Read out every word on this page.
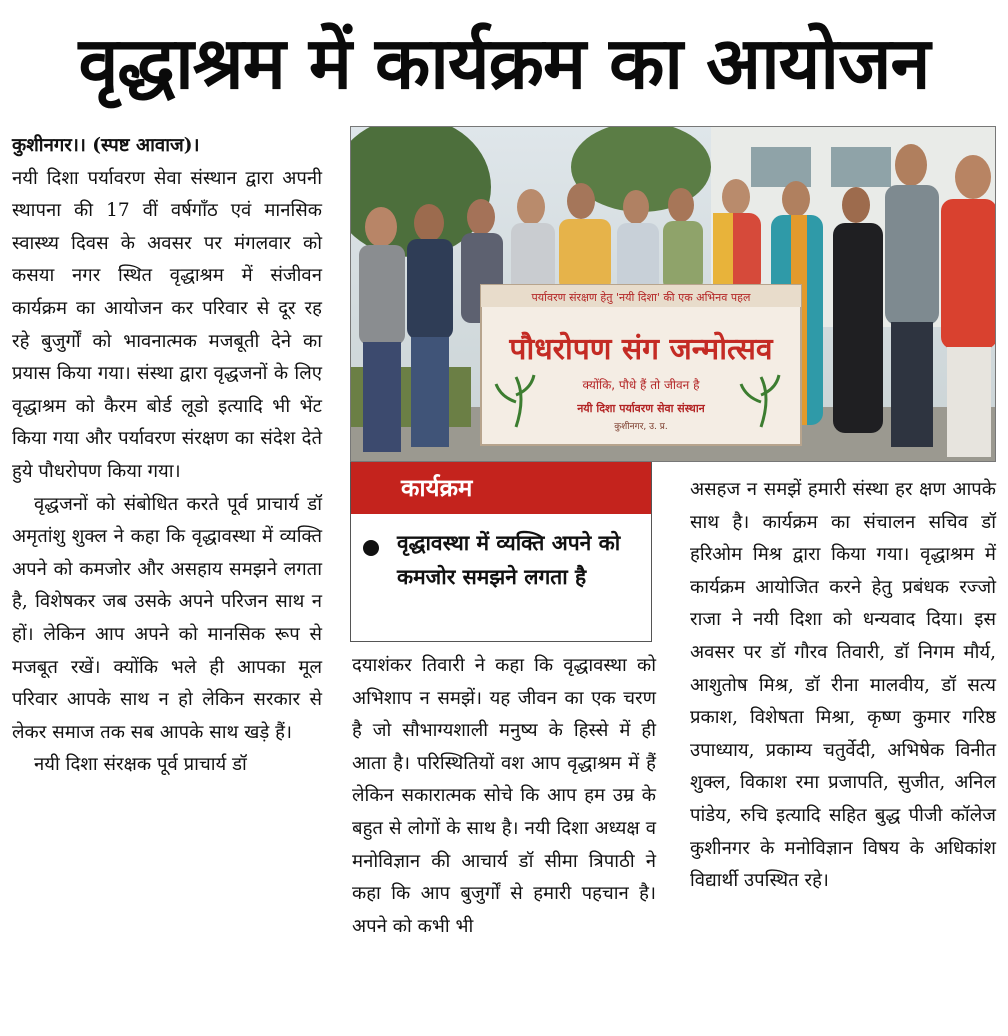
वृद्धाश्रम में कार्यक्रम का आयोजन

कुशीनगर।। (स्पष्ट आवाज)।
नयी दिशा पर्यावरण सेवा संस्थान द्वारा अपनी स्थापना की 17 वीं वर्षगाँठ एवं मानसिक स्वास्थ्य दिवस के अवसर पर मंगलवार को कसया नगर स्थित वृद्धाश्रम में संजीवन कार्यक्रम का आयोजन कर परिवार से दूर रह रहे बुजुर्गों को भावनात्मक मजबूती देने का प्रयास किया गया। संस्था द्वारा वृद्धजनों के लिए वृद्धाश्रम को कैरम बोर्ड लूडो इत्यादि भी भेंट किया गया और पर्यावरण संरक्षण का संदेश देते हुये पौधरोपण किया गया।

वृद्धजनों को संबोधित करते पूर्व प्राचार्य डॉ अमृतांशु शुक्ल ने कहा कि वृद्धावस्था में व्यक्ति अपने को कमजोर और असहाय समझने लगता है, विशेषकर जब उसके अपने परिजन साथ न हों। लेकिन आप अपने को मानसिक रूप से मजबूत रखें। क्योंकि भले ही आपका मूल परिवार आपके साथ न हो लेकिन सरकार से लेकर समाज तक सब आपके साथ खड़े हैं।

नयी दिशा संरक्षक पूर्व प्राचार्य डॉ

पर्यावरण संरक्षण हेतु 'नयी दिशा' की एक अभिनव पहल
पौधरोपण संग जन्मोत्सव
क्योंकि, पौधे हैं तो जीवन है
नयी दिशा पर्यावरण सेवा संस्थान
कुशीनगर, उ. प्र.
कार्यक्रम
वृद्धावस्था में व्यक्ति अपने को कमजोर समझने लगता है

दयाशंकर तिवारी ने कहा कि वृद्धावस्था को अभिशाप न समझें। यह जीवन का एक चरण है जो सौभाग्यशाली मनुष्य के हिस्से में ही आता है। परिस्थितियों वश आप वृद्धाश्रम में हैं लेकिन सकारात्मक सोचे कि आप हम उम्र के बहुत से लोगों के साथ है। नयी दिशा अध्यक्ष व मनोविज्ञान की आचार्य डॉ सीमा त्रिपाठी ने कहा कि आप बुजुर्गों से हमारी पहचान है। अपने को कभी भी

असहज न समझें हमारी संस्था हर क्षण आपके साथ है। कार्यक्रम का संचालन सचिव डॉ हरिओम मिश्र द्वारा किया गया। वृद्धाश्रम में कार्यक्रम आयोजित करने हेतु प्रबंधक रज्जो राजा ने नयी दिशा को धन्यवाद दिया। इस अवसर पर डॉ गौरव तिवारी, डॉ निगम मौर्य, आशुतोष मिश्र, डॉ रीना मालवीय, डॉ सत्य प्रकाश, विशेषता मिश्रा, कृष्ण कुमार गरिष्ठ उपाध्याय, प्रकाम्य चतुर्वेदी, अभिषेक विनीत शुक्ल, विकाश रमा प्रजापति, सुजीत, अनिल पांडेय, रुचि इत्यादि सहित बुद्ध पीजी कॉलेज कुशीनगर के मनोविज्ञान विषय के अधिकांश विद्यार्थी उपस्थित रहे।
